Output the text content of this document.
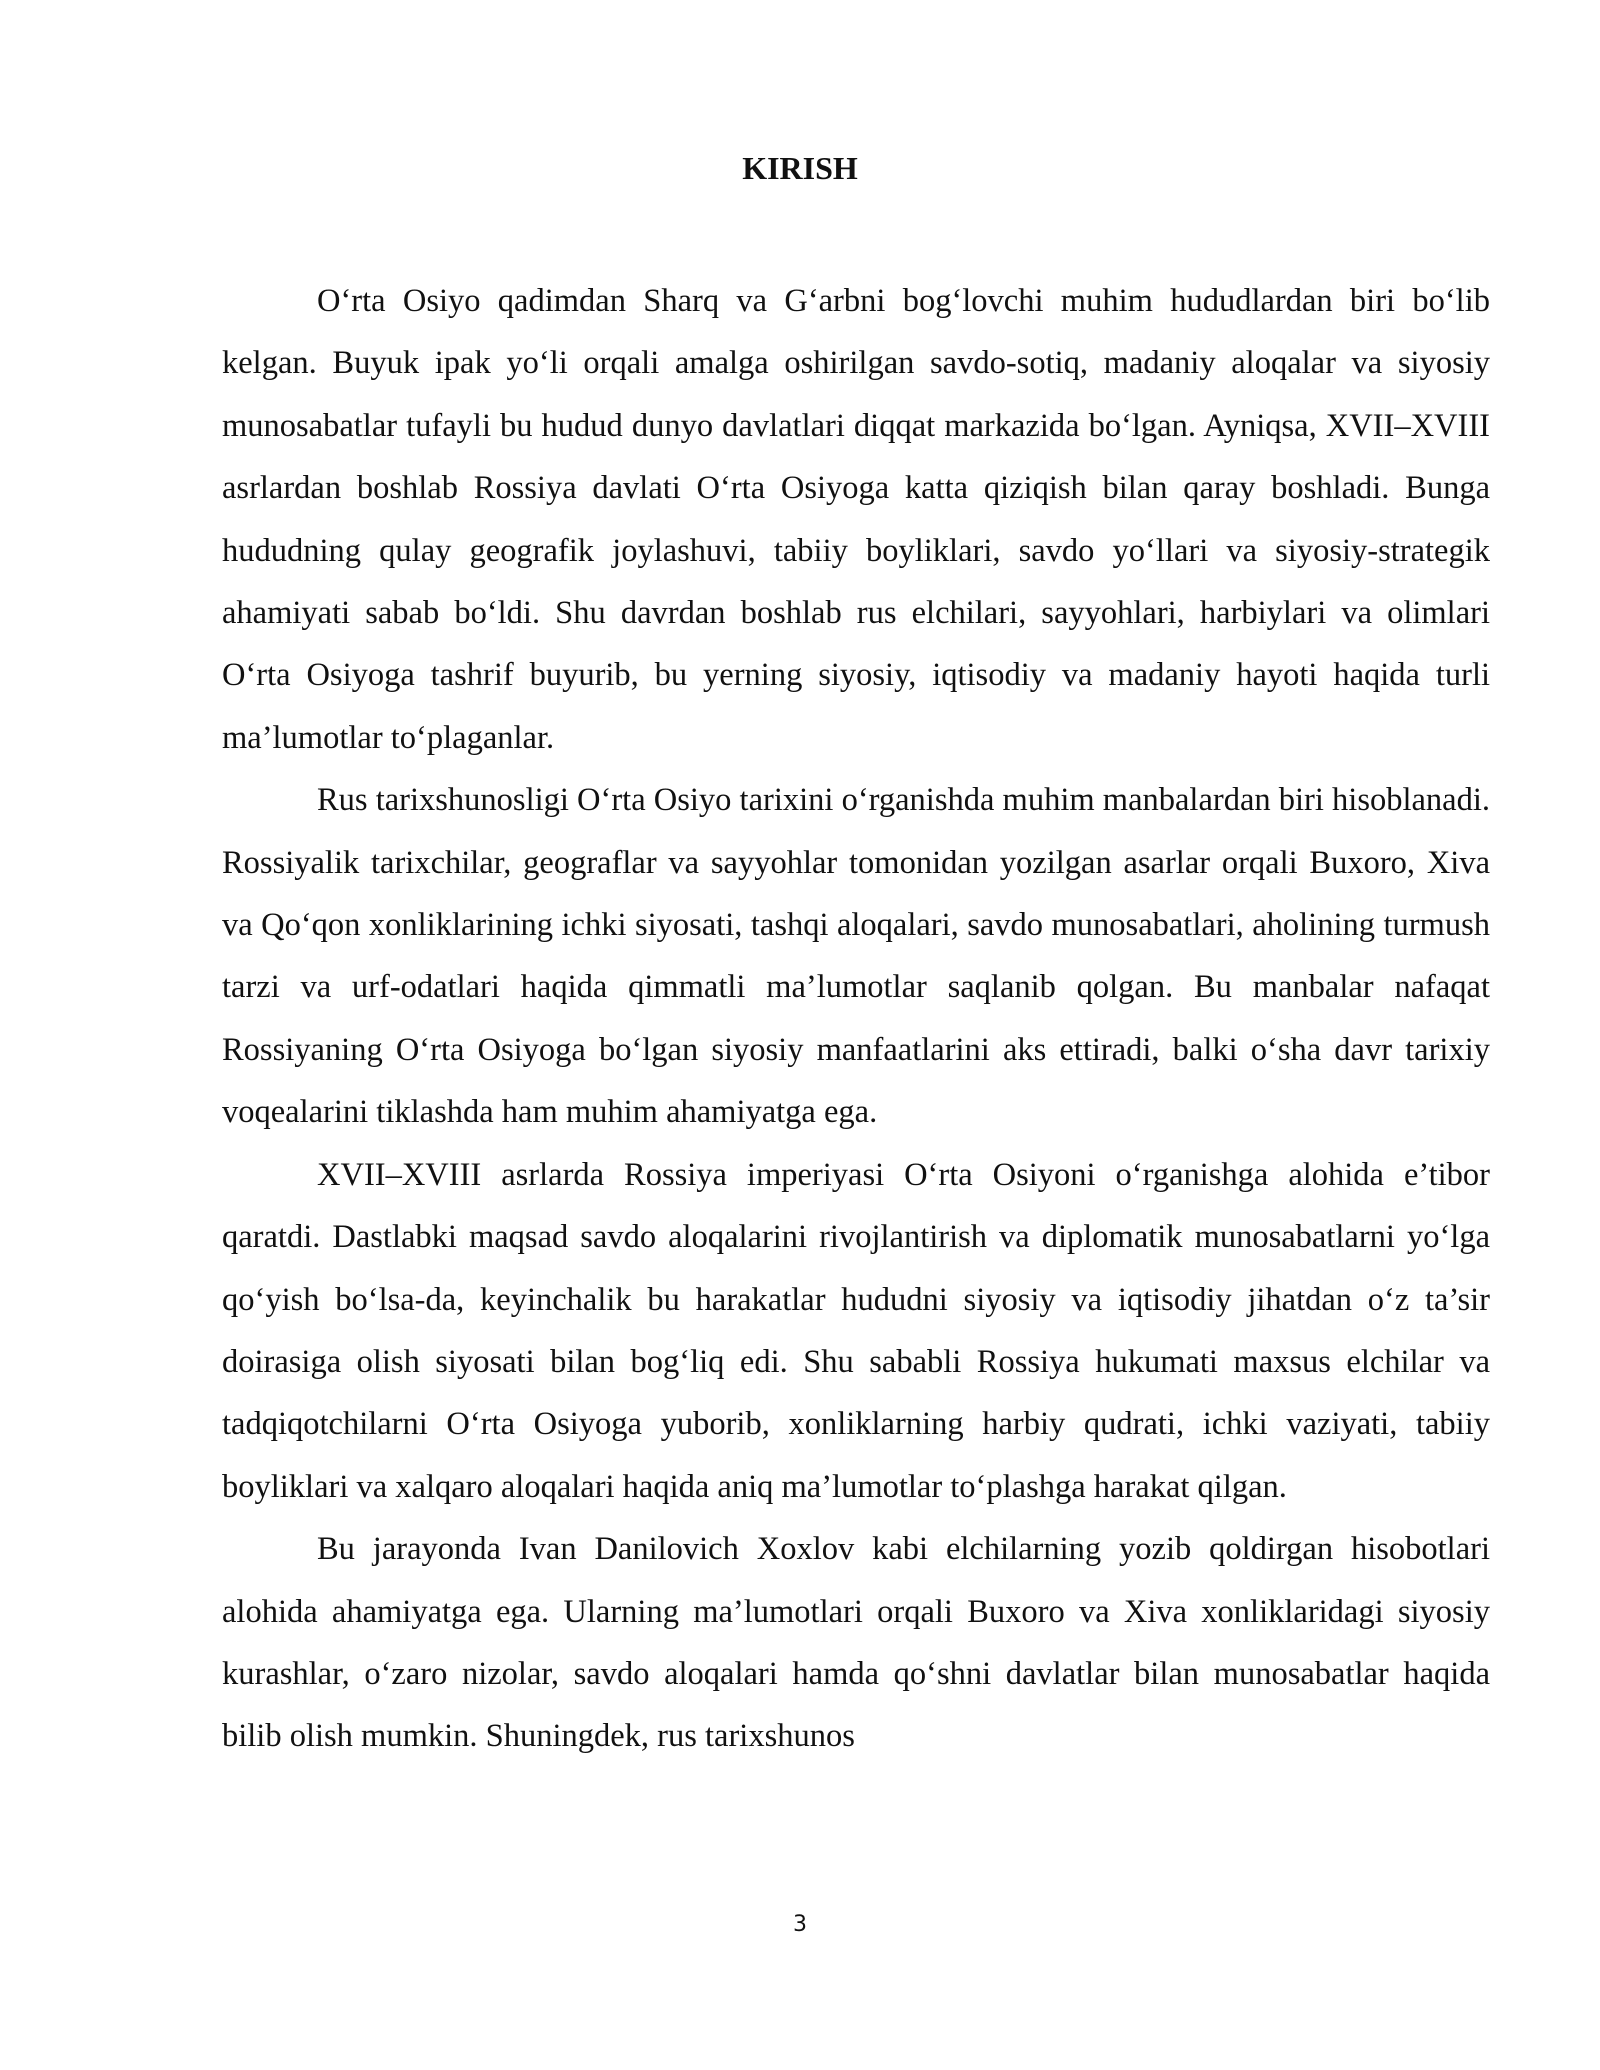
KIRISH

O‘rta Osiyo qadimdan Sharq va G‘arbni bog‘lovchi muhim hududlardan biri bo‘lib kelgan. Buyuk ipak yo‘li orqali amalga oshirilgan savdo-sotiq, madaniy aloqalar va siyosiy munosabatlar tufayli bu hudud dunyo davlatlari diqqat markazida bo‘lgan. Ayniqsa, XVII–XVIII asrlardan boshlab Rossiya davlati O‘rta Osiyoga katta qiziqish bilan qaray boshladi. Bunga hududning qulay geografik joylashuvi, tabiiy boyliklari, savdo yo‘llari va siyosiy-strategik ahamiyati sabab bo‘ldi. Shu davrdan boshlab rus elchilari, sayyohlari, harbiylari va olimlari O‘rta Osiyoga tashrif buyurib, bu yerning siyosiy, iqtisodiy va madaniy hayoti haqida turli ma’lumotlar to‘plaganlar.

Rus tarixshunosligi O‘rta Osiyo tarixini o‘rganishda muhim manbalardan biri hisoblanadi. Rossiyalik tarixchilar, geograflar va sayyohlar tomonidan yozilgan asarlar orqali Buxoro, Xiva va Qo‘qon xonliklarining ichki siyosati, tashqi aloqalari, savdo munosabatlari, aholining turmush tarzi va urf-odatlari haqida qimmatli ma’lumotlar saqlanib qolgan. Bu manbalar nafaqat Rossiyaning O‘rta Osiyoga bo‘lgan siyosiy manfaatlarini aks ettiradi, balki o‘sha davr tarixiy voqealarini tiklashda ham muhim ahamiyatga ega.

XVII–XVIII asrlarda Rossiya imperiyasi O‘rta Osiyoni o‘rganishga alohida e’tibor qaratdi. Dastlabki maqsad savdo aloqalarini rivojlantirish va diplomatik munosabatlarni yo‘lga qo‘yish bo‘lsa-da, keyinchalik bu harakatlar hududni siyosiy va iqtisodiy jihatdan o‘z ta’sir doirasiga olish siyosati bilan bog‘liq edi. Shu sababli Rossiya hukumati maxsus elchilar va tadqiqotchilarni O‘rta Osiyoga yuborib, xonliklarning harbiy qudrati, ichki vaziyati, tabiiy boyliklari va xalqaro aloqalari haqida aniq ma’lumotlar to‘plashga harakat qilgan.

Bu jarayonda Ivan Danilovich Xoxlov kabi elchilarning yozib qoldirgan hisobotlari alohida ahamiyatga ega. Ularning ma’lumotlari orqali Buxoro va Xiva xonliklaridagi siyosiy kurashlar, o‘zaro nizolar, savdo aloqalari hamda qo‘shni davlatlar bilan munosabatlar haqida bilib olish mumkin. Shuningdek, rus tarixshunos

3
